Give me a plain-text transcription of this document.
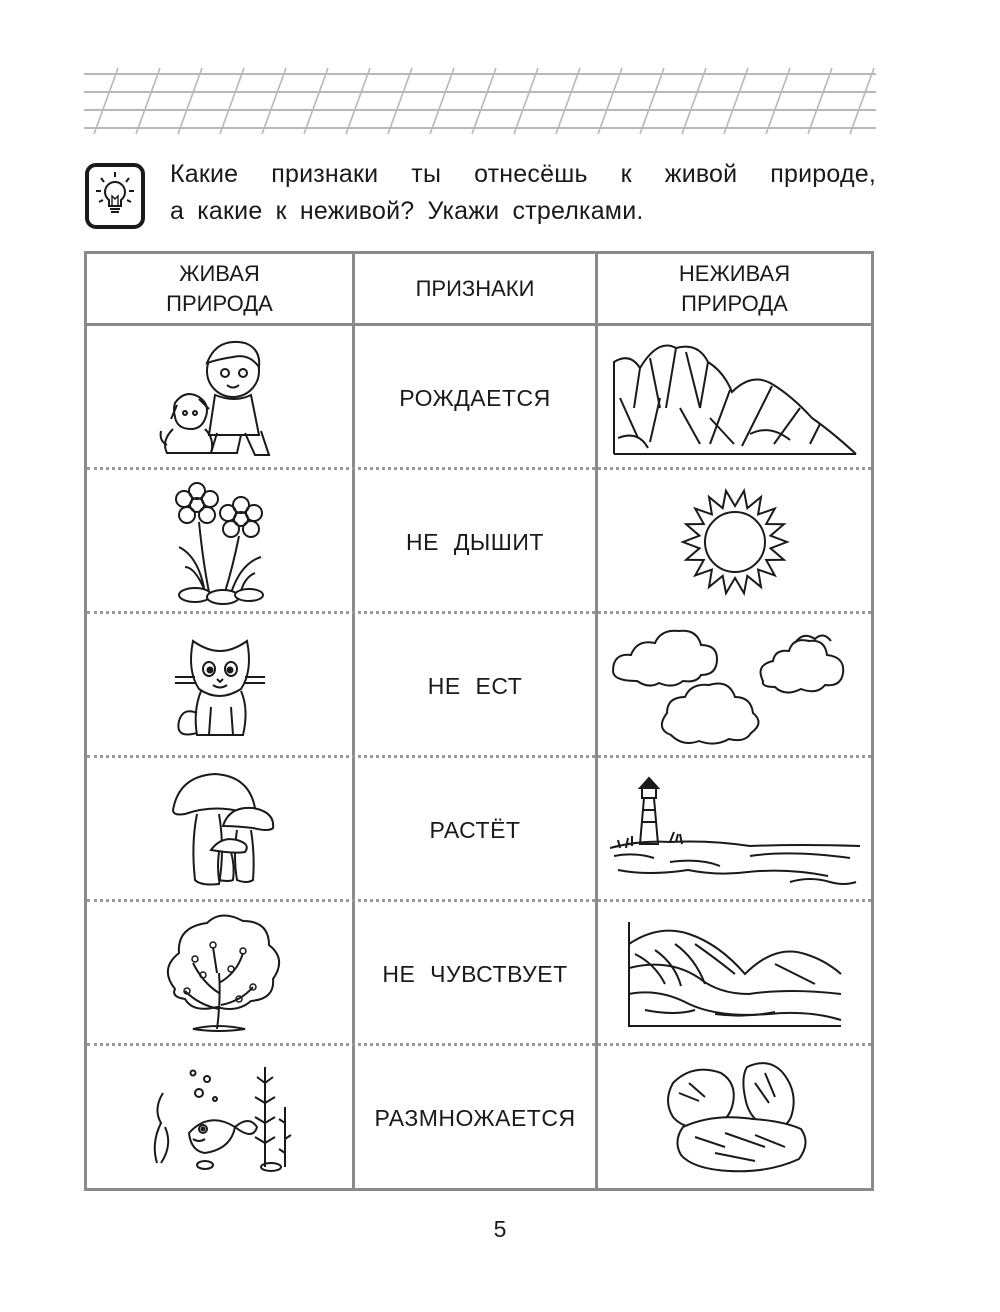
Какие признаки ты отнесёшь к живой природе,
а какие к неживой? Укажи стрелками.
ЖИВАЯ
ПРИРОДА
ПРИЗНАКИ
НЕЖИВАЯ
ПРИРОДА
РОЖДАЕТСЯ
НЕ ДЫШИТ
НЕ ЕСТ
РАСТЁТ
НЕ ЧУВСТВУЕТ
РАЗМНОЖАЕТСЯ
5
